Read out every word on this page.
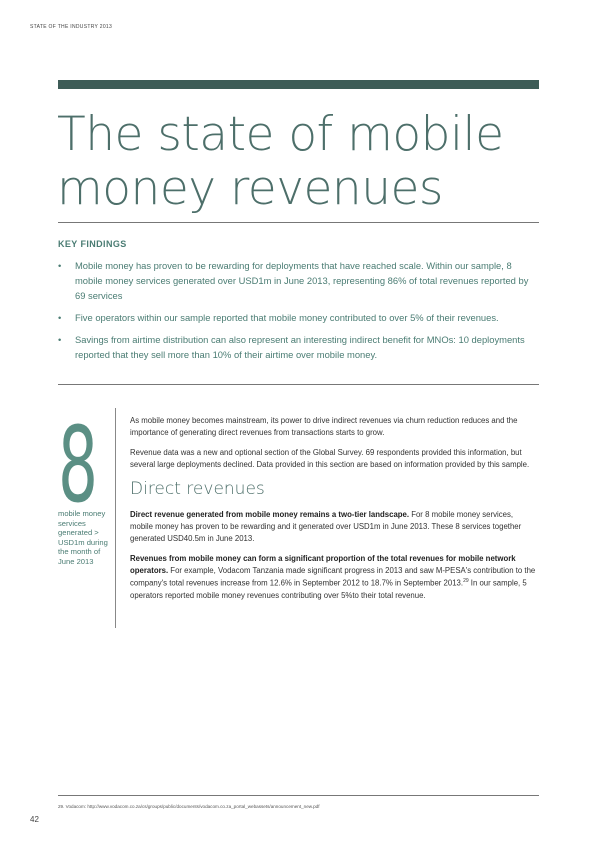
STATE OF THE INDUSTRY 2013
The state of mobile
money revenues
KEY FINDINGS
• Mobile money has proven to be rewarding for deployments that have reached scale. Within our sample, 8 mobile money services generated over USD1m in June 2013, representing 86% of total revenues reported by 69 services
• Five operators within our sample reported that mobile money contributed to over 5% of their revenues.
• Savings from airtime distribution can also represent an interesting indirect benefit for MNOs: 10 deployments reported that they sell more than 10% of their airtime over mobile money.
8
mobile money services generated > USD1m during the month of June 2013

As mobile money becomes mainstream, its power to drive indirect revenues via churn reduction reduces and the importance of generating direct revenues from transactions starts to grow.

Revenue data was a new and optional section of the Global Survey. 69 respondents provided this information, but several large deployments declined. Data provided in this section are based on information provided by this sample.

Direct revenues

Direct revenue generated from mobile money remains a two-tier landscape. For 8 mobile money services, mobile money has proven to be rewarding and it generated over USD1m in June 2013. These 8 services together generated USD40.5m in June 2013.

Revenues from mobile money can form a significant proportion of the total revenues for mobile network operators. For example, Vodacom Tanzania made significant progress in 2013 and saw M-PESA's contribution to the company's total revenues increase from 12.6% in September 2012 to 18.7% in September 2013.29 In our sample, 5 operators reported mobile money revenues contributing over 5%to their total revenue.

29. Vodacom: http://www.vodacom.co.za/cs/groups/public/documents/vodacom.co.za_portal_webassets/announcement_new.pdf
42
